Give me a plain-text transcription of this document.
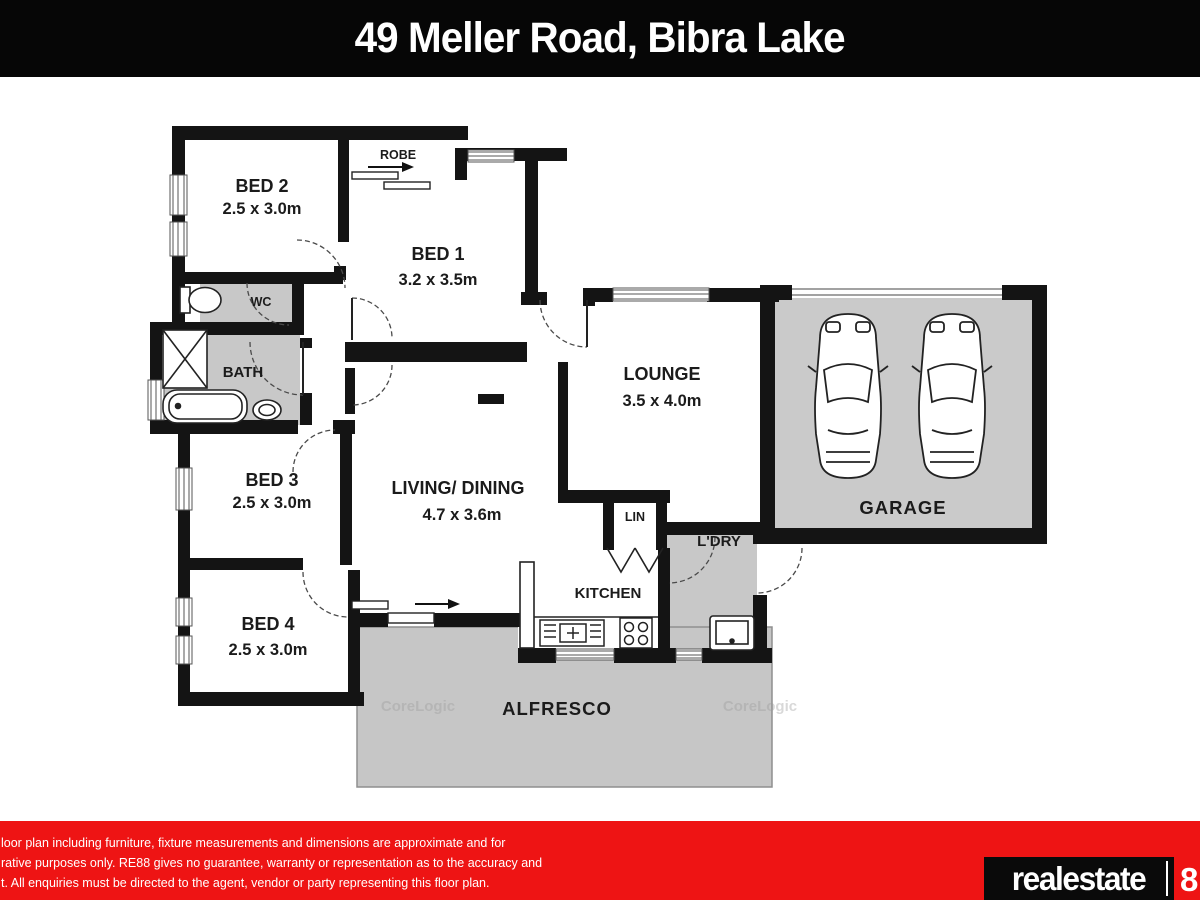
49 Meller Road, Bibra Lake
BED 2
2.5 x 3.0m
BED 1
3.2 x 3.5m
BED 3
2.5 x 3.0m
BED 4
2.5 x 3.0m
LOUNGE
3.5 x 4.0m
LIVING/ DINING
4.7 x 3.6m
KITCHEN
L'DRY
LIN
WC
BATH
ROBE
GARAGE
ALFRESCO
CoreLogic	CoreLogic
loor plan including furniture, fixture measurements and dimensions are approximate and for
rative purposes only. RE88 gives no guarantee, warranty or representation as to the accuracy and
t. All enquiries must be directed to the agent, vendor or party representing this floor plan.	realestate 8
